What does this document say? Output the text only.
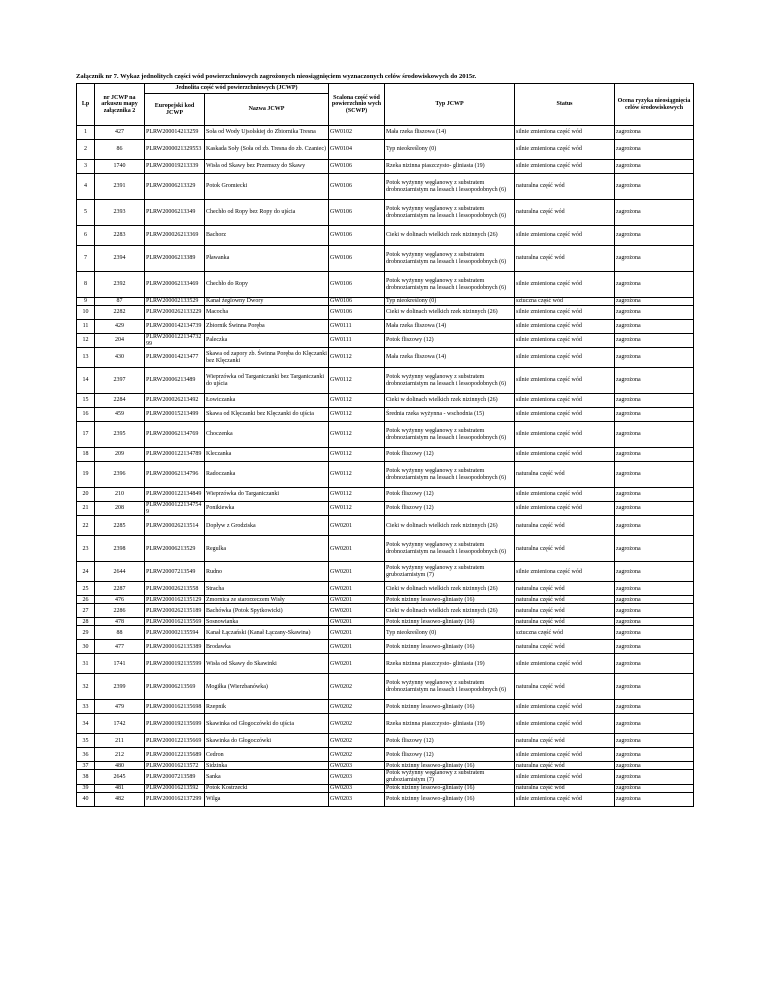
Załącznik nr 7. Wykaz jednolitych części wód powierzchniowych zagrożonych nieosiągnięciem wyznaczonych celów środowiskowych do 2015r.
Lp	nr JCWP na arkuszu mapy załącznika 2	Jednolita część wód powierzchniowych (JCWP)		Scalona część wód powierzchnio wych (SCWP)	Typ JCWP	Status	Ocena ryzyka nieosiągnięcia celów środowiskowych
		Europejski kod JCWP	Nazwa JCWP				
1	427	PLRW200014213259	Soła od Wody Ujsolskiej do Zbiornika Tresna	GW0102	Mała rzeka fliszowa (14)	silnie zmieniona część wód	zagrożona
2	86	PLRW2000021329553	Kaskada Soły (Soła od zb. Tresna do zb. Czaniec)	GW0104	Typ nieokreślony (0)	silnie zmieniona część wód	zagrożona
3	1740	PLRW200019213339	Wisła od Skawy bez Przemszy do Skawy	GW0106	Rzeka nizinna piaszczysto- gliniasta (19)	silnie zmieniona część wód	zagrożona
4	2391	PLRW20006213329	Potok Gromiecki	GW0106	Potok wyżynny węglanowy z substratem drobnoziarnistym na lessach i lessopodobnych (6)	naturalna część wód	zagrożona
5	2393	PLRW20006213349	Chechło od Ropy bez Ropy do ujścia	GW0106	Potok wyżynny węglanowy z substratem drobnoziarnistym na lessach i lessopodobnych (6)	naturalna część wód	zagrożona
6	2283	PLRW200026213369	Bachorz	GW0106	Cieki w dolinach wielkich rzek nizinnych (26)	silnie zmieniona część wód	zagrożona
7	2394	PLRW20006213389	Pławanka	GW0106	Potok wyżynny węglanowy z substratem drobnoziarnistym na lessach i lessopodobnych (6)	naturalna część wód	zagrożona
8	2392	PLRW200062133469	Chechło do Ropy	GW0106	Potok wyżynny węglanowy z substratem drobnoziarnistym na lessach i lessopodobnych (6)	silnie zmieniona część wód	zagrożona
9	87	PLRW200002133529	Kanał żeglowny Dwory	GW0106	Typ nieokreślony (0)	sztuczna część wód	zagrożona
10	2282	PLRW2000262133229	Macocha	GW0106	Cieki w dolinach wielkich rzek nizinnych (26)	silnie zmieniona część wód	zagrożona
11	429	PLRW2000142134739	Zbiornik Świnna Poręba	GW0111	Mała rzeka fliszowa (14)	silnie zmieniona część wód	zagrożona
12	204	PLRW2000122134732 99	Paleczka	GW0111	Potok fliszowy (12)	silnie zmieniona część wód	zagrożona
13	430	PLRW200014213477	Skawa od zapory zb. Świnna Poręba do Klęczanki bez Klęczanki	GW0112	Mała rzeka fliszowa (14)	silnie zmieniona część wód	zagrożona
14	2397	PLRW20006213489	Wieprzówka od Targaniczanki bez Targaniczanki do ujścia	GW0112	Potok wyżynny węglanowy z substratem drobnoziarnistym na lessach i lessopodobnych (6)	silnie zmieniona część wód	zagrożona
15	2284	PLRW200026213492	Łowiczanka	GW0112	Cieki w dolinach wielkich rzek nizinnych (26)	silnie zmieniona część wód	zagrożona
16	459	PLRW200015213499	Skawa od Klęczanki bez Klęczanki do ujścia	GW0112	Średnia rzeka wyżynna - wschodnia (15)	silnie zmieniona część wód	zagrożona
17	2395	PLRW200062134769	Choczenka	GW0112	Potok wyżynny węglanowy z substratem drobnoziarnistym na lessach i lessopodobnych (6)	silnie zmieniona część wód	zagrożona
18	209	PLRW2000122134789	Kleczanka	GW0112	Potok fliszowy (12)	silnie zmieniona część wód	zagrożona
19	2396	PLRW200062134796	Radoczanka	GW0112	Potok wyżynny węglanowy z substratem drobnoziarnistym na lessach i lessopodobnych (6)	naturalna część wód	zagrożona
20	210	PLRW2000122134849	Wieprzówka do Targaniczanki	GW0112	Potok fliszowy (12)	silnie zmieniona część wód	zagrożona
21	208	PLRW2000122134754 9	Ponikiewka	GW0112	Potok fliszowy (12)	silnie zmieniona część wód	zagrożona
22	2285	PLRW200026213514	Dopływ z Grodziska	GW0201	Cieki w dolinach wielkich rzek nizinnych (26)	naturalna część wód	zagrożona
23	2398	PLRW20006213529	Regulka	GW0201	Potok wyżynny węglanowy z substratem drobnoziarnistym na lessach i lessopodobnych (6)	naturalna część wód	zagrożona
24	2644	PLRW20007213549	Rudno	GW0201	Potok wyżynny węglanowy z substratem gruboziarnistym (7)	silnie zmieniona część wód	zagrożona
25	2287	PLRW200026213558	Stracha	GW0201	Cieki w dolinach wielkich rzek nizinnych (26)	naturalna część wód	zagrożona
26	476	PLRW2000162135129	Zmornica ze starorzeczem Wisły	GW0201	Potok nizinny lessowo-gliniasty (16)	naturalna część wód	zagrożona
27	2286	PLRW2000262135189	Bachówka (Potok Spytkowicki)	GW0201	Cieki w dolinach wielkich rzek nizinnych (26)	naturalna część wód	zagrożona
28	478	PLRW2000162135569	Sosnowianka	GW0201	Potok nizinny lessowo-gliniasty (16)	naturalna część wód	zagrożona
29	88	PLRW200002135594	Kanał Łączański (Kanał Łączany-Skawina)	GW0201	Typ nieokreślony (0)	sztuczna część wód	zagrożona
30	477	PLRW2000162135389	Brodawka	GW0201	Potok nizinny lessowo-gliniasty (16)	naturalna część wód	zagrożona
31	1741	PLRW2000192135599	Wisła od Skawy do Skawinki	GW0201	Rzeka nizinna piaszczysto- gliniasta (19)	silnie zmieniona część wód	zagrożona
32	2399	PLRW20006213569	Mogiłka (Wierzbanówka)	GW0202	Potok wyżynny węglanowy z substratem drobnoziarnistym na lessach i lessopodobnych (6)	naturalna część wód	zagrożona
33	479	PLRW2000162135698	Rzepnik	GW0202	Potok nizinny lessowo-gliniasty (16)	silnie zmieniona część wód	zagrożona
34	1742	PLRW2000192135699	Skawinka od Głogoczówki do ujścia	GW0202	Rzeka nizinna piaszczysto- gliniasta (19)	silnie zmieniona część wód	zagrożona
35	211	PLRW2000122135669	Skawinka do Głogoczówki	GW0202	Potok fliszowy (12)	naturalna część wód	zagrożona
36	212	PLRW2000122135689	Cedron	GW0202	Potok fliszowy (12)	silnie zmieniona część wód	zagrożona
37	480	PLRW200016213572	Sidzinka	GW0203	Potok nizinny lessowo-gliniasty (16)	naturalna część wód	zagrożona
38	2645	PLRW20007213589	Sanka	GW0203	Potok wyżynny węglanowy z substratem gruboziarnistym (7)	silnie zmieniona część wód	zagrożona
39	481	PLRW200016213592	Potok Kostrzecki	GW0203	Potok nizinny lessowo-gliniasty (16)	naturalna część wód	zagrożona
40	482	PLRW2000162137299	Wilga	GW0203	Potok nizinny lessowo-gliniasty (16)	silnie zmieniona część wód	zagrożona
